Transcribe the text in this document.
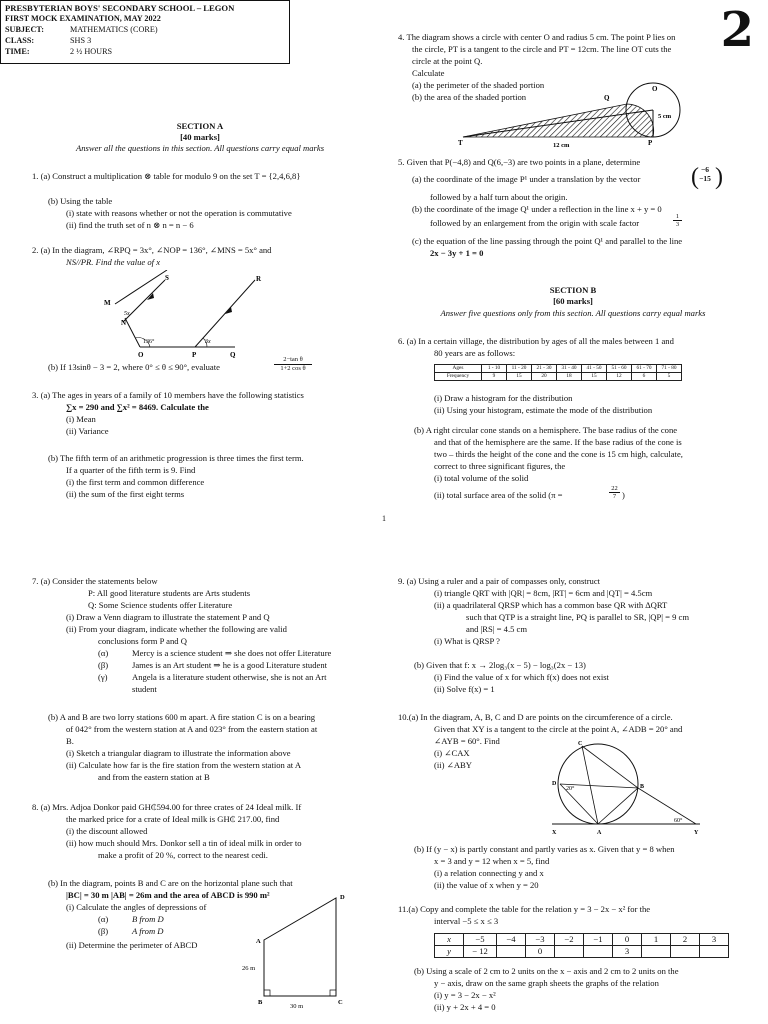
PRESBYTERIAN BOYS' SECONDARY SCHOOL – LEGON
FIRST MOCK EXAMINATION, MAY 2022
SUBJECT:	MATHEMATICS (CORE)
CLASS:	SHS 3
TIME:	2 ½ HOURS	2
SECTION A
[40 marks]
Answer all the questions in this section. All questions carry equal marks
1. (a) Construct a multiplication ⊗ table for modulo 9 on the set T = {2,4,6,8}
(b) Using the table
(i) state with reasons whether or not the operation is commutative
(ii) find the truth set of n ⊗ n = n − 6
2. (a) In the diagram, ∠RPQ = 3x°, ∠NOP = 136°, ∠MNS = 5x° and
NS//PR. Find the value of x
S	R
M
N
O	P	Q
5x
136°	3x
(b) If 13sinθ − 3 = 2, where 0° ≤ θ ≤ 90°, evaluate	$\frac{\text{2−tan θ}}{\text{1+2 cos θ}}$
3. (a) The ages in years of a family of 10 members have the following statistics
∑x = 290 and ∑x² = 8469. Calculate the
(i) Mean
(ii) Variance
(b) The fifth term of an arithmetic progression is three times the first term.
If a quarter of the fifth term is 9. Find
(i) the first term and common difference
(ii) the sum of the first eight terms
4. The diagram shows a circle with center O and radius 5 cm. The point P lies on
the circle, PT is a tangent to the circle and PT = 12cm. The line OT cuts the
circle at the point Q.
Calculate
(a) the perimeter of the shaded portion
(b) the area of the shaded portion
O
Q
T	P
5 cm
12 cm
5. Given that P(−4,8) and Q(6,−3) are two points in a plane, determine
(a) the coordinate of the image P¹ under a translation by the vector ( −6
−15 )
followed by a half turn about the origin.
(b) the coordinate of the image Q¹ under a reflection in the line x + y = 0
followed by an enlargement from the origin with scale factor	$\frac{1}{3}$
(c) the equation of the line passing through the point Q¹ and parallel to the line
2x − 3y + 1 = 0
SECTION B
[60 marks]
Answer five questions only from this section. All questions carry equal marks
6. (a) In a certain village, the distribution by ages of all the males between 1 and
80 years are as follows:
Ages	1 - 10	11 - 20	21 - 30	31 - 40	41 - 50	51 - 60	61 - 70	71 - 80
Frequency	9	15	20	18	15	12	6	5
(i) Draw a histogram for the distribution
(ii) Using your histogram, estimate the mode of the distribution
(b) A right circular cone stands on a hemisphere. The base radius of the cone
and that of the hemisphere are the same. If the base radius of the cone is
two – thirds the height of the cone and the cone is 15 cm high, calculate,
correct to three significant figures, the
(i) total volume of the solid
(ii) total surface area of the solid (π =	$\frac{22}{7}$ )
1
7. (a) Consider the statements below
P: All good literature students are Arts students
Q: Some Science students offer Literature
(i) Draw a Venn diagram to illustrate the statement P and Q
(ii) From your diagram, indicate whether the following are valid
conclusions form P and Q
(α)	Mercy is a science student ⇒ she does not offer Literature
(β)	James is an Art student ⇒ he is a good Literature student
(γ)	Angela is a literature student otherwise, she is not an Art
student
(b) A and B are two lorry stations 600 m apart. A fire station C is on a bearing
of 042° from the western station at A and 023° from the eastern station at
B.
(i) Sketch a triangular diagram to illustrate the information above
(ii) Calculate how far is the fire station from the western station at A
and from the eastern station at B
8. (a) Mrs. Adjoa Donkor paid GH₵594.00 for three crates of 24 Ideal milk. If
the marked price for a crate of Ideal milk is GH₵ 217.00, find
(i) the discount allowed
(ii) how much should Mrs. Donkor sell a tin of ideal milk in order to
make a profit of 20 %, correct to the nearest cedi.
(b) In the diagram, points B and C are on the horizontal plane such that
|BC| = 30 m |AB| = 26m and the area of ABCD is 990 m²
(i) Calculate the angles of depressions of
(α)	B from D
(β)	A from D
(ii) Determine the perimeter of ABCD
D
A
B	C
26 m
30 m
9. (a) Using a ruler and a pair of compasses only, construct
(i) triangle QRT with |QR| = 8cm, |RT| = 6cm and |QT| = 4.5cm
(ii) a quadrilateral QRSP which has a common base QR with ∆QRT
such that QTP is a straight line, PQ is parallel to SR, |QP| = 9 cm
and |RS| = 4.5 cm
(i) What is QRSP ?
(b) Given that f: x → 2log₃(x − 5) − log₃(2x − 13)
(i) Find the value of x for which f(x) does not exist
(ii) Solve f(x) = 1
10.(a) In the diagram, A, B, C and D are points on the circumference of a circle.
Given that XY is a tangent to the circle at the point A, ∠ADB = 20° and
∠AYB = 60°. Find
(i) ∠CAX
(ii) ∠ABY
C
D	B
X	A	Y
20°
60°
(b) If (y − x) is partly constant and partly varies as x. Given that y = 8 when
x = 3 and y = 12 when x = 5, find
(i) a relation connecting y and x
(ii) the value of x when y = 20
11.(a) Copy and complete the table for the relation y = 3 − 2x − x² for the
interval −5 ≤ x ≤ 3
x	−5	−4	−3	−2	−1	0	1	2	3
y	− 12		0			3			
(b) Using a scale of 2 cm to 2 units on the x − axis and 2 cm to 2 units on the
y − axis, draw on the same graph sheets the graphs of the relation
(i) y = 3 − 2x − x²
(ii) y + 2x + 4 = 0
